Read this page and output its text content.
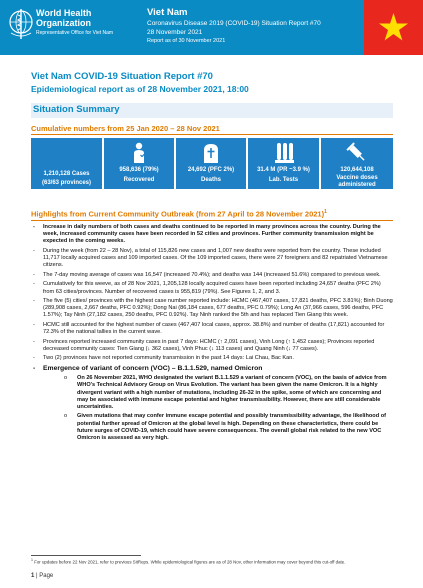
World Health
Organization
Representative Office for Viet Nam
Viet Nam
Coronavirus Disease 2019 (COVID-19) Situation Report #70
28 November 2021
Report as of 30 November 2021
Viet Nam COVID-19 Situation Report #70
Epidemiological report as of 28 November 2021, 18:00
Situation Summary
Cumulative numbers from 25 Jan 2020 – 28 Nov 2021
1,210,128 Cases
(63/63 provinces)
958,636 (79%)
Recovered
24,692 (PFC 2%)
Deaths
31.4 M (PR ~3.9 %)
Lab. Tests
120,644,108
Vaccine doses administered
Highlights from Current Community Outbreak (from 27 April to 28 November 2021)$^1$
- Increase in daily numbers of both cases and deaths continued to be reported in many provinces across the country. During the week, increased community cases have been recorded in 52 cities and provinces. Further community transmission might be expected in the coming weeks.
- During the week (from 22 – 28 Nov), a total of 115,826 new cases and 1,007 new deaths were reported from the country. These included 11,717 locally acquired cases and 109 imported cases. Of the 109 imported cases, there were 27 foreigners and 82 repatriated Vietnamese citizens.
- The 7-day moving average of cases was 16,547 (increased 70.4%); and deaths was 144 (increased 51.6%) compared to previous week.
- Cumulatively for this weeve, as of 28 Nov 2021, 1,205,128 locally acquired cases have been reported including 24,657 deaths (PFC 2%) from 63 cities/provinces. Number of recovered cases is 955,819 (79%). See Figures 1, 2, and 3.
- The five (5) cities/ provinces with the highest case number reported include: HCMC (467,407 cases, 17,821 deaths, PFC 3.81%); Binh Duong (289,908 cases, 2,667 deaths, PFC 0.92%); Dong Nai (86,184 cases, 677 deaths, PFC 0.79%); Long An (37,966 cases, 596 deaths, PFC 1.57%); Tay Ninh (27,182 cases, 250 deaths, PFC 0.92%). Tay Ninh ranked the 5th and has replaced Tien Giang this week.
- HCMC still accounted for the highest number of cases (467,407 local cases, approx. 38.8%) and number of deaths (17,821) accounted for 72.3% of the national tallies in the current wave.
- Provinces reported increased community cases in past 7 days: HCMC (↑ 2,091 cases), Vinh Long (↑ 1,452 cases); Provinces reported decreased community cases: Tien Giang (↓ 362 cases), Vinh Phuc (↓ 113 cases) and Quang Ninh (↓ 77 cases).
- Two (2) provinces have not reported community transmission in the past 14 days: Lai Chau, Bac Kan.
- Emergence of variant of concern (VOC) – B.1.1.529, named Omicron
o On 26 November 2021, WHO designated the variant B.1.1.529 a variant of concern (VOC), on the basis of advice from WHO's Technical Advisory Group on Virus Evolution. The variant has been given the name Omicron. It is a highly divergent variant with a high number of mutations, including 26-32 in the spike, some of which are concerning and may be associated with immune escape potential and higher transmissibility. However, there are still considerable uncertainties.
o Given mutations that may confer immune escape potential and possibly transmissibility advantage, the likelihood of potential further spread of Omicron at the global level is high. Depending on these characteristics, there could be future surges of COVID-19, which could have severe consequences. The overall global risk related to the new VOC Omicron is assessed as very high.
$^1$ For updates before 22 Nov 2021, refer to previous SitReps. While epidemiological figures are as of 28 Nov, other information may cover beyond this cut-off date.
1 | Page
